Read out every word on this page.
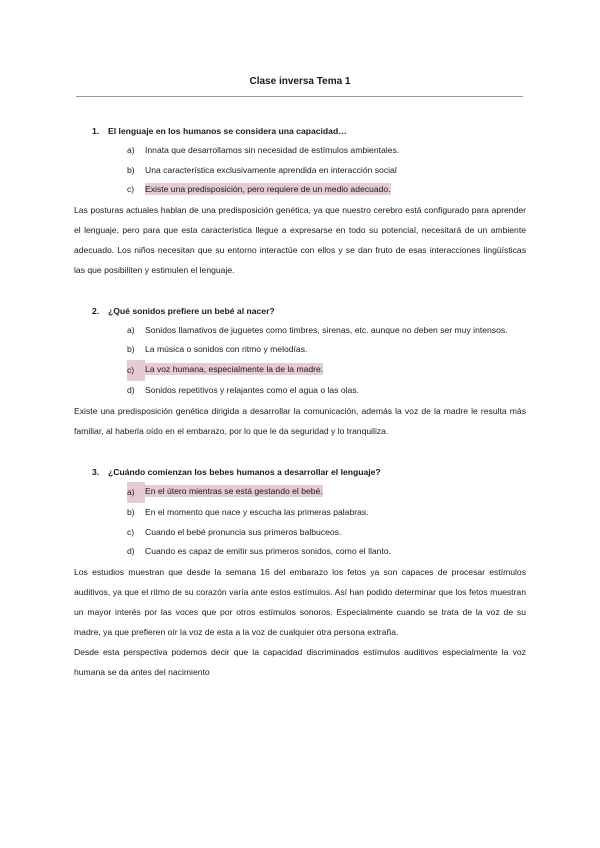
Clase inversa Tema 1
1.	El lenguaje en los humanos se considera una capacidad…
a)	Innata que desarrollamos sin necesidad de estímulos ambientales.
b)	Una característica exclusivamente aprendida en interacción social
c)	Existe una predisposición, pero requiere de un medio adecuado.

Las posturas actuales hablan de una predisposición genética, ya que nuestro cerebro está configurado para aprender el lenguaje, pero para que esta característica llegue a expresarse en todo su potencial, necesitará de un ambiente adecuado. Los niños necesitan que su entorno interactúe con ellos y se dan fruto de esas interacciones lingüísticas las que posibiliten y estimulen el lenguaje.

2.	¿Qué sonidos prefiere un bebé al nacer?
a)	Sonidos llamativos de juguetes como timbres, sirenas, etc. aunque no deben ser muy intensos.
b)	La música o sonidos con ritmo y melodías.
c)	La voz humana, especialmente la de la madre.
d)	Sonidos repetitivos y relajantes como el agua o las olas.

Existe una predisposición genética dirigida a desarrollar la comunicación, además la voz de la madre le resulta más familiar, al haberla oído en el embarazo, por lo que le da seguridad y lo tranquiliza.

3.	¿Cuándo comienzan los bebes humanos a desarrollar el lenguaje?
a)	En el útero mientras se está gestando el bebé.
b)	En el momento que nace y escucha las primeras palabras.
c)	Cuando el bebé pronuncia sus primeros balbuceos.
d)	Cuando es capaz de emitir sus primeros sonidos, como el llanto.

Los estudios muestran que desde la semana 16 del embarazo los fetos ya son capaces de procesar estímulos auditivos, ya que el ritmo de su corazón varía ante estos estímulos. Así han podido determinar que los fetos muestran un mayor interés por las voces que por otros estímulos sonoros. Especialmente cuando se trata de la voz de su madre, ya que prefieren oír la voz de esta a la voz de cualquier otra persona extraña.

Desde esta perspectiva podemos decir que la capacidad discriminados estímulos auditivos especialmente la voz humana se da antes del nacimiento
